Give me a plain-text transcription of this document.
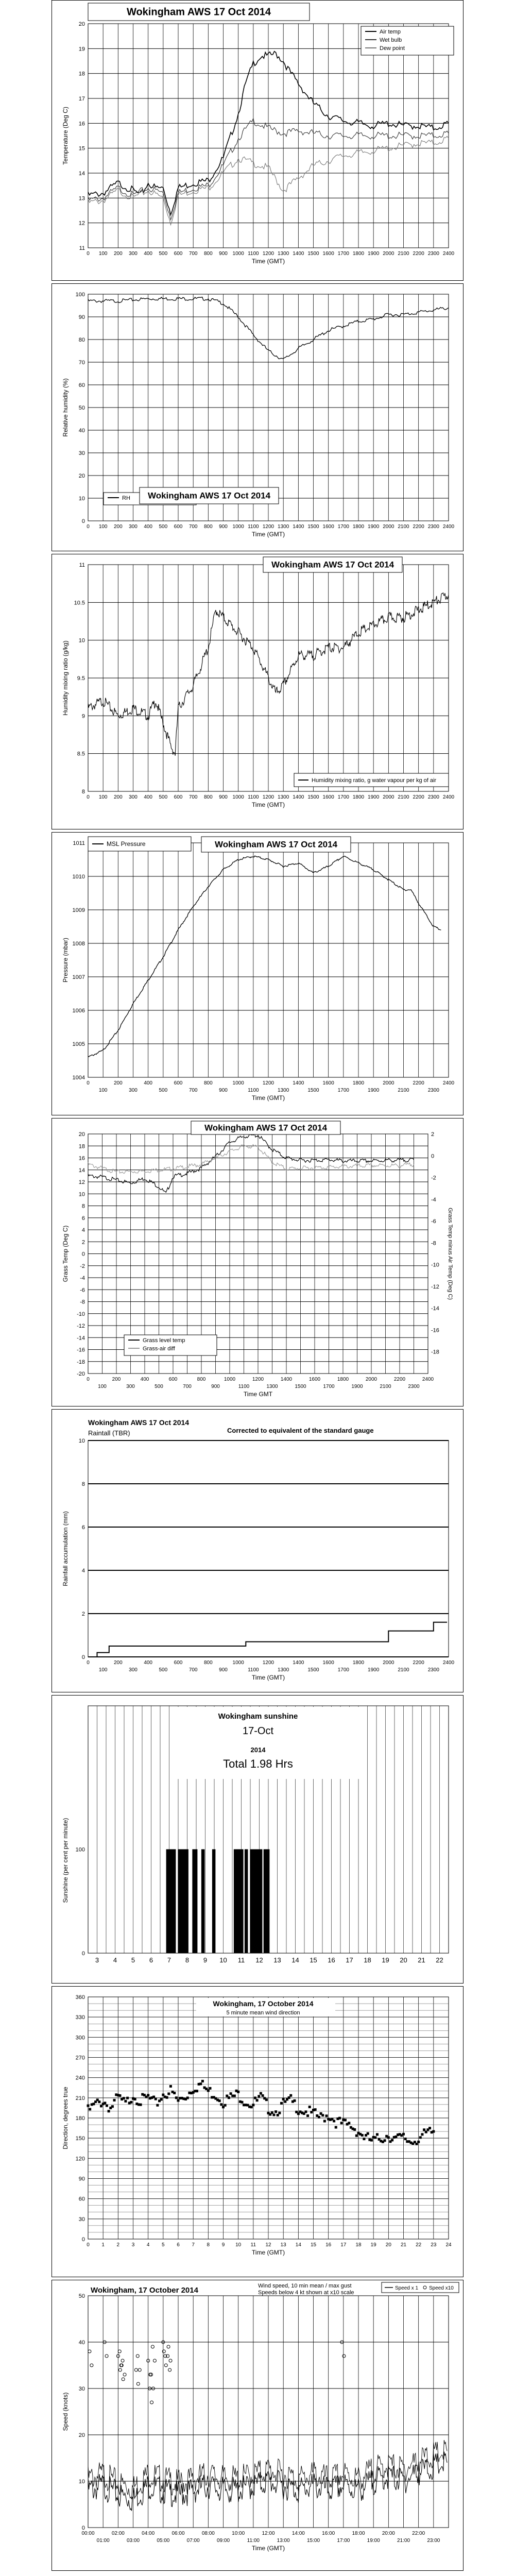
11
12
13
14
15
16
17
18
19
20
0 100 200 300 400 500 600 700 800 900 1000 1100 1200 1300 1400 1500 1600 1700 1800 1900 2000 2100 2200 2300 2400
Time (GMT)
Temperature (Deg C)
Wokingham AWS 17 Oct 2014
Air temp
Wet bulb
Dew point
0
10
20
30
40
50
60
70
80
90
100
0 100 200 300 400 500 600 700 800 900 1000 1100 1200 1300 1400 1500 1600 1700 1800 1900 2000 2100 2200 2300 2400
Time (GMT)
Relative humidity (%)
RH Wokingham AWS 17 Oct 2014
8
8.5
9
9.5
10
10.5
11
0 100 200 300 400 500 600 700 800 900 1000 1100 1200 1300 1400 1500 1600 1700 1800 1900 2000 2100 2200 2300 2400
Time (GMT)
Humidity mixing ratio (g/kg)
Wokingham AWS 17 Oct 2014
Humidity mixing ratio, g water vapour per kg of air
1004
1005
1006
1007
1008
1009
1010
1011
0
100
200
300
400
500
600
700
800
900
1000
1100
1200
1300
1400
1500
1600
1700
1800
1900
2000
2100
2200
2300
2400
Time (GMT)
Pressure (mbar)
MSL Pressure	Wokingham AWS 17 Oct 2014
-20
-18
-16
-14
-12
-10
-8
-6
-4
-2
0
2
4
6
8
10
12
14
16
18
20
0
100
200
300
400
500
600
700
800
900
1000
1100
1200
1300
1400
1500
1600
1700
1800
1900
2000
2100
2200
2300
2400
Time GMT
Grass Temp (Deg C)
-18
-16
-14
-12
-10
-8
-6
-4
-2
0
2
Grass Temp minus Air Temp (Deg C)
Grass level temp
Grass-air diff
Wokingham AWS 17 Oct 2014
0
2
4
6
8
10
0
100
200
300
400
500
600
700
800
900
1000
1100
1200
1300
1400
1500
1600
1700
1800
1900
2000
2100
2200
2300
2400
Time (GMT)
Rainfall accumulation (mm)
Wokingham AWS 17 Oct 2014
Raintall (TBR)	Corrected to equivalent of the standard gauge
3 4 5 6 7 8 9 10 11 12 13 14 15 16 17 18 19 20 21 22
0
100
Sunshine (per cent per minute)
Wokingham sunshine
17-Oct
2014
Total 1.98 Hrs
0
30
60
90
120
150
180
210
240
270
300
330
360
0 1 2 3 4 5 6 7 8 9 10 11 12 13 14 15 16 17 18 19 20 21 22 23 24
Time (GMT)
Direction, degrees true
Wokingham, 17 October 2014
5 minute mean wind direction
0
10
20
30
40
50
00:00
01:00
02:00
03:00
04:00
05:00
06:00
07:00
08:00
09:00
10:00
11:00
12:00
13:00
14:00
15:00
16:00
17:00
18:00
19:00
20:00
21:00
22:00
23:00
Time (GMT)
Speed (knots)
Wokingham, 17 October 2014	Wind speed, 10 min mean / max gust
Speeds below 4 kt shown at x10 scale
Speed x 1 Speed x10
